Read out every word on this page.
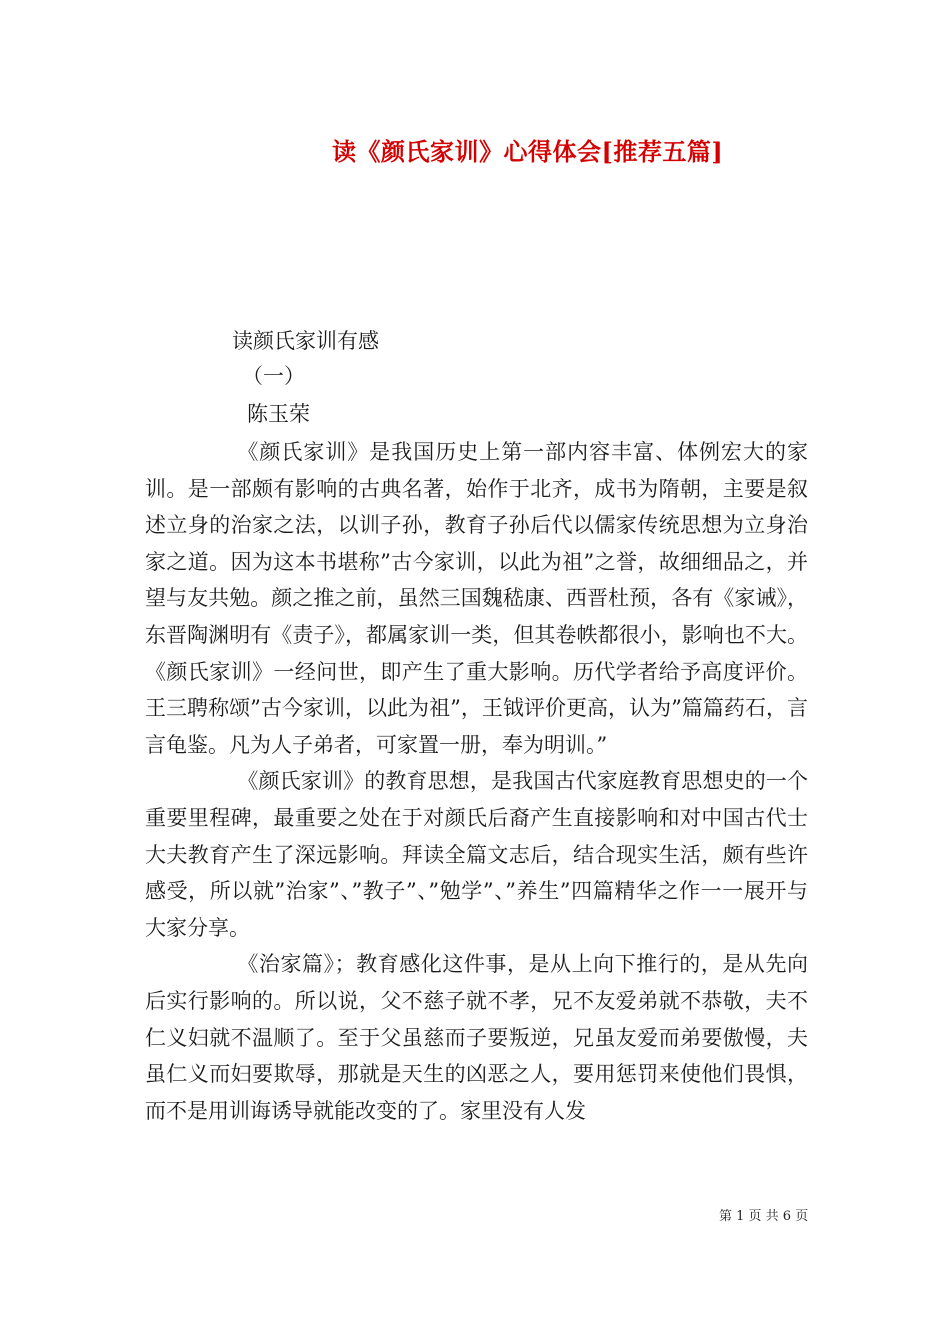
读《颜氏家训》心得体会[推荐五篇]
读颜氏家训有感
（一）
陈玉荣

《颜氏家训》是我国历史上第一部内容丰富、体例宏大的家训。是一部颇有影响的古典名著，始作于北齐，成书为隋朝，主要是叙述立身的治家之法，以训子孙，教育子孙后代以儒家传统思想为立身治家之道。因为这本书堪称”古今家训，以此为祖”之誉，故细细品之，并望与友共勉。颜之推之前，虽然三国魏嵇康、西晋杜预，各有《家诫》，东晋陶渊明有《责子》，都属家训一类，但其卷帙都很小，影响也不大。《颜氏家训》一经问世，即产生了重大影响。历代学者给予高度评价。王三聘称颂”古今家训，以此为祖”，王钺评价更高，认为”篇篇药石，言言龟鉴。凡为人子弟者，可家置一册，奉为明训。”

《颜氏家训》的教育思想，是我国古代家庭教育思想史的一个重要里程碑，最重要之处在于对颜氏后裔产生直接影响和对中国古代士大夫教育产生了深远影响。拜读全篇文志后，结合现实生活，颇有些许感受，所以就”治家”、”教子”、”勉学”、”养生”四篇精华之作一一展开与大家分享。

《治家篇》；教育感化这件事，是从上向下推行的，是从先向后实行影响的。所以说，父不慈子就不孝，兄不友爱弟就不恭敬，夫不仁义妇就不温顺了。至于父虽慈而子要叛逆，兄虽友爱而弟要傲慢，夫虽仁义而妇要欺辱，那就是天生的凶恶之人，要用惩罚来使他们畏惧，而不是用训诲诱导就能改变的了。家里没有人发

第 1 页 共 6 页
